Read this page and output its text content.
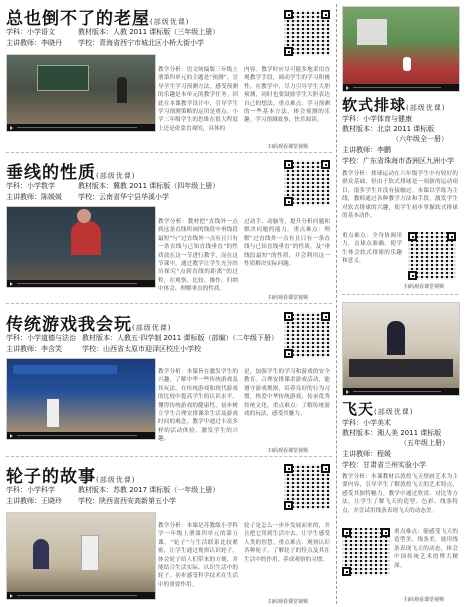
总也倒不了的老屋(部级优课)
学科：小学语文	教材版本：人教 2011 课标版（三年级上册）
主讲教师：李晓丹 学校：青海省西宁市城北区小桥大街小学
教学分析：语文统编版三年级上册第四单元的主题是“预测”。引导学生学习预测方法，感受预测的乐趣是本单元的教学任务。因此在本课教学设计中，引导学生学习预测策略的运用是重点。小学三年级学生的思维在很大程度上还是依靠直观的，具体的
内容。教学时应尽可能多地采用直观教学手段，调动学生的学习积极性。在教学中，尽力引导学生大胆预测，同时也要鼓励学生大胆表达自己的想法。重点难点：学习预测的一些基本方法，体会预测的乐趣。学习预测故事，快乐阅读。
扫码观看课堂视频
垂线的性质(部级优课)
学科：小学数学	教材版本：冀教 2011 课标版（四年级上册）
主讲教师：陈媛媛 学校：云南省华宁县华溪小学
教学分析：教材把“直线外一点到这条直线所画的线段中垂线段最短”与“过直线外一点有且只有一条直线与已知直线垂直”的性质放在这一节进行教学，而在这节课中，通过教学让学生充分经历探究“点到直线的距离”的过程，在观察、比较、操作、归纳中体会、理解垂直的性质。
过动手、动脑等，提升分析问题和解决问题的能力。重点难点：理解“过直线外一点有且只有一条直线与已知直线垂直”的性质，及“垂线段最短”的性质，并会利用这一性质解决实际问题。
扫码观看课堂视频
传统游戏我会玩(部级优课)
学科：小学道德与法治 教材版本：人教五·四学制 2011 课标版（部编）（二年级下册）
主讲教师：李含笑	学校：山西省太原市迎泽区校庄小学校
教学分析：本课旨在激发学生的兴趣，了解中华一些传统游戏及其玩法，在传统游戏和现代游戏的比较中提高学生的认识水平，懂得传统游戏的健康性，初步树立学生合理安排课余生活及游戏时间的观念。教学中通过丰富多样的活动体验，激发学生的兴趣。
是，加强学生的学习和游戏的安全教育。合理安排课余游戏活动，能遵守游戏规则，培养良好的行为习惯，热爱中华传统游戏，传承优秀传统文化。重点难点：了解传统游戏的玩法，感受其魅力。
扫码观看课堂视频
轮子的故事(部级优课)
学科：小学科学	教材版本：苏教 2017 课标版（一年级上册）
主讲教师：王晓玲 学校：陕西省西安高新第五小学
教学分析：本课是苏教版小学科学一年级上册第四单元的第五课，“轮子”与生活联系比较紧密，让学生通过观察认识轮子，体会轮子给人们带来的方便，并能结合生活实际，认识生活中的轮子。初步感受科学技术在生活中的重要作用。
轮子是怎么一步步发展而来的，并且把它用到生活中去。让学生感受人类的智慧。重点难点：观察认识各种轮子，了解轮子的特点及其在生活中的作用，养成观察的习惯。
扫码观看课堂视频
软式排球(部级优课)
学科：小学体育与健康
教材版本：北京 2011 课标版
（六年级全一册）
主讲教师：李鹏
学校：广东省珠海市香洲区九洲小学
教学分析：排球运动在六年级学生中有较好的群众基础，但由于软式排球是一项新的运动项目，很多学生并没有接触过。本课以学练为主线，教师通过各种教学方法和手段，激发学生对软式排球的兴趣，使学生初步掌握软式排球的基本动作。
重点难点：全身协调用力，击球点准确。使学生体会软式排球的乐趣和意义。
扫码观看课堂视频
飞天(部级优课)
学科：小学美术
教材版本：湘人美 2011 课标版
（五年级上册）
主讲教师：程媛
学校：甘肃省兰州实验小学
教学分析：本课教材以敦煌飞天壁画艺术为主要内容，引导学生了解敦煌飞天的艺术特点，感受其独特魅力。教学中通过欣赏、对比等方法，让学生了解飞天的造型、色彩、线条特点，并尝试用线条表现飞天的动态美。
重点难点：能感受飞天的造型美、线条美，能用线条表现飞天的动态，体会中国传统艺术的博大精深。
扫码观看课堂视频
